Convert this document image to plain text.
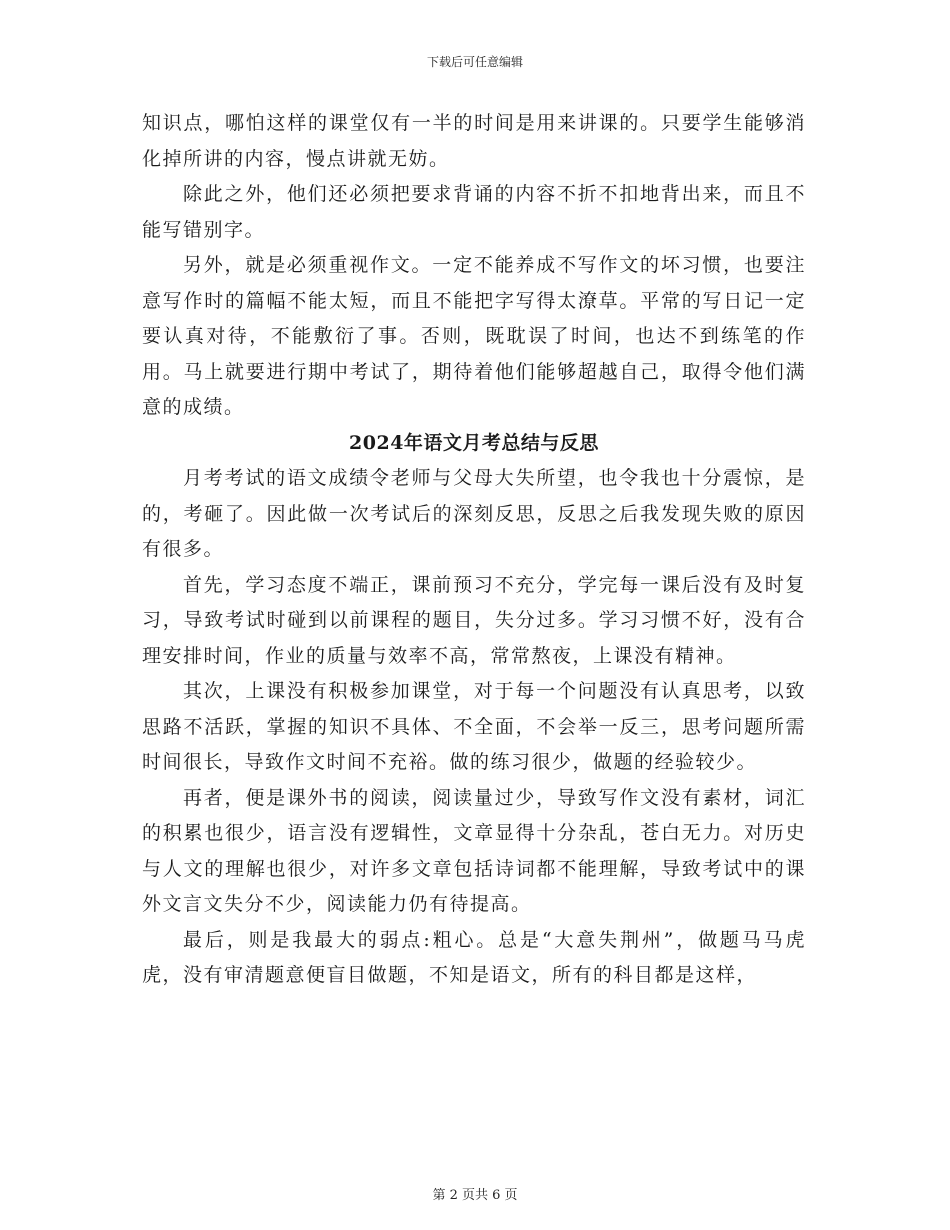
下载后可任意编辑

知识点，哪怕这样的课堂仅有一半的时间是用来讲课的。只要学生能够消化掉所讲的内容，慢点讲就无妨。

除此之外，他们还必须把要求背诵的内容不折不扣地背出来，而且不能写错别字。

另外，就是必须重视作文。一定不能养成不写作文的坏习惯，也要注意写作时的篇幅不能太短，而且不能把字写得太潦草。平常的写日记一定要认真对待，不能敷衍了事。否则，既耽误了时间，也达不到练笔的作用。马上就要进行期中考试了，期待着他们能够超越自己，取得令他们满意的成绩。

2024年语文月考总结与反思

月考考试的语文成绩令老师与父母大失所望，也令我也十分震惊，是的，考砸了。因此做一次考试后的深刻反思，反思之后我发现失败的原因有很多。

首先，学习态度不端正，课前预习不充分，学完每一课后没有及时复习，导致考试时碰到以前课程的题目，失分过多。学习习惯不好，没有合理安排时间，作业的质量与效率不高，常常熬夜，上课没有精神。

其次，上课没有积极参加课堂，对于每一个问题没有认真思考，以致思路不活跃，掌握的知识不具体、不全面，不会举一反三，思考问题所需时间很长，导致作文时间不充裕。做的练习很少，做题的经验较少。

再者，便是课外书的阅读，阅读量过少，导致写作文没有素材，词汇的积累也很少，语言没有逻辑性，文章显得十分杂乱，苍白无力。对历史与人文的理解也很少，对许多文章包括诗词都不能理解，导致考试中的课外文言文失分不少，阅读能力仍有待提高。

最后，则是我最大的弱点:粗心。总是“大意失荆州”，做题马马虎虎，没有审清题意便盲目做题，不知是语文，所有的科目都是这样，

第 2 页共 6 页
